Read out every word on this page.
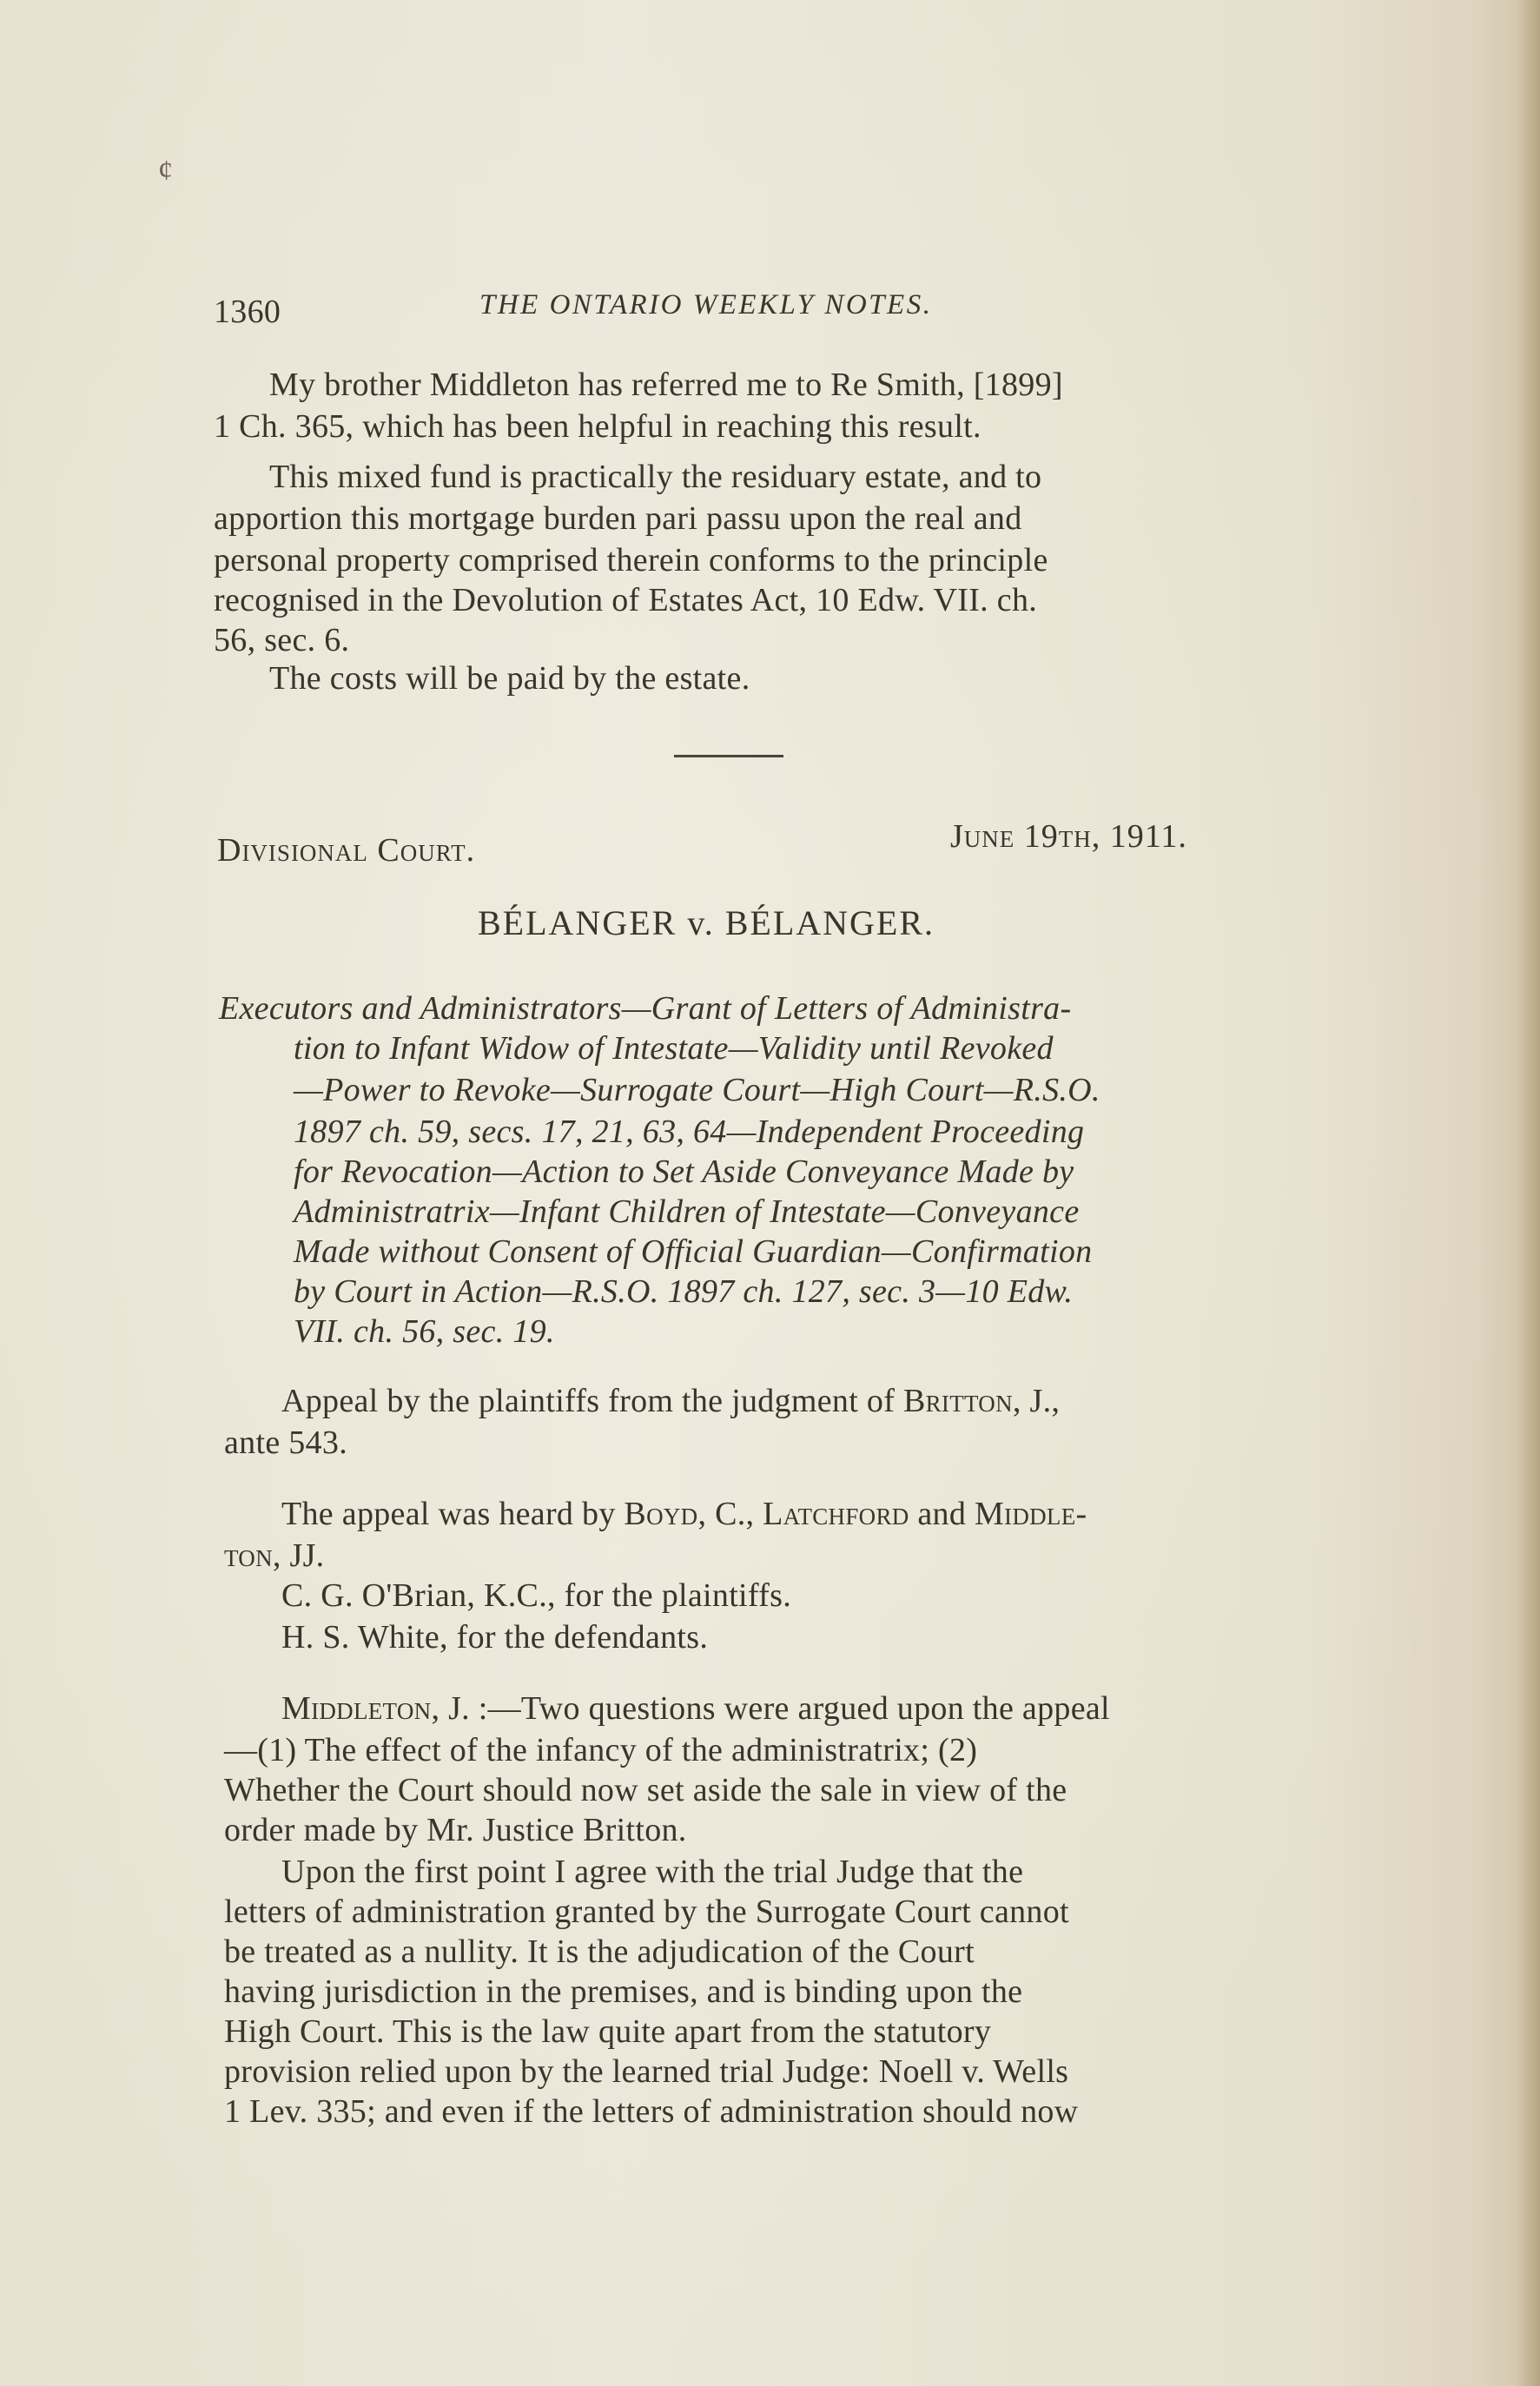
¢
1360	THE ONTARIO WEEKLY NOTES.
My brother Middleton has referred me to Re Smith, [1899]
1 Ch. 365, which has been helpful in reaching this result.
This mixed fund is practically the residuary estate, and to
apportion this mortgage burden pari passu upon the real and
personal property comprised therein conforms to the principle
recognised in the Devolution of Estates Act, 10 Edw. VII. ch.
56, sec. 6.
The costs will be paid by the estate.
Divisional Court.	June 19th, 1911.
BÉLANGER v. BÉLANGER.
Executors and Administrators—Grant of Letters of Administra-
tion to Infant Widow of Intestate—Validity until Revoked
—Power to Revoke—Surrogate Court—High Court—R.S.O.
1897 ch. 59, secs. 17, 21, 63, 64—Independent Proceeding
for Revocation—Action to Set Aside Conveyance Made by
Administratrix—Infant Children of Intestate—Conveyance
Made without Consent of Official Guardian—Confirmation
by Court in Action—R.S.O. 1897 ch. 127, sec. 3—10 Edw.
VII. ch. 56, sec. 19.
Appeal by the plaintiffs from the judgment of Britton, J.,
ante 543.
The appeal was heard by Boyd, C., Latchford and Middle-
ton, JJ.
C. G. O'Brian, K.C., for the plaintiffs.
H. S. White, for the defendants.
Middleton, J. :—Two questions were argued upon the appeal
—(1) The effect of the infancy of the administratrix; (2)
Whether the Court should now set aside the sale in view of the
order made by Mr. Justice Britton.
Upon the first point I agree with the trial Judge that the
letters of administration granted by the Surrogate Court cannot
be treated as a nullity. It is the adjudication of the Court
having jurisdiction in the premises, and is binding upon the
High Court. This is the law quite apart from the statutory
provision relied upon by the learned trial Judge: Noell v. Wells
1 Lev. 335; and even if the letters of administration should now
